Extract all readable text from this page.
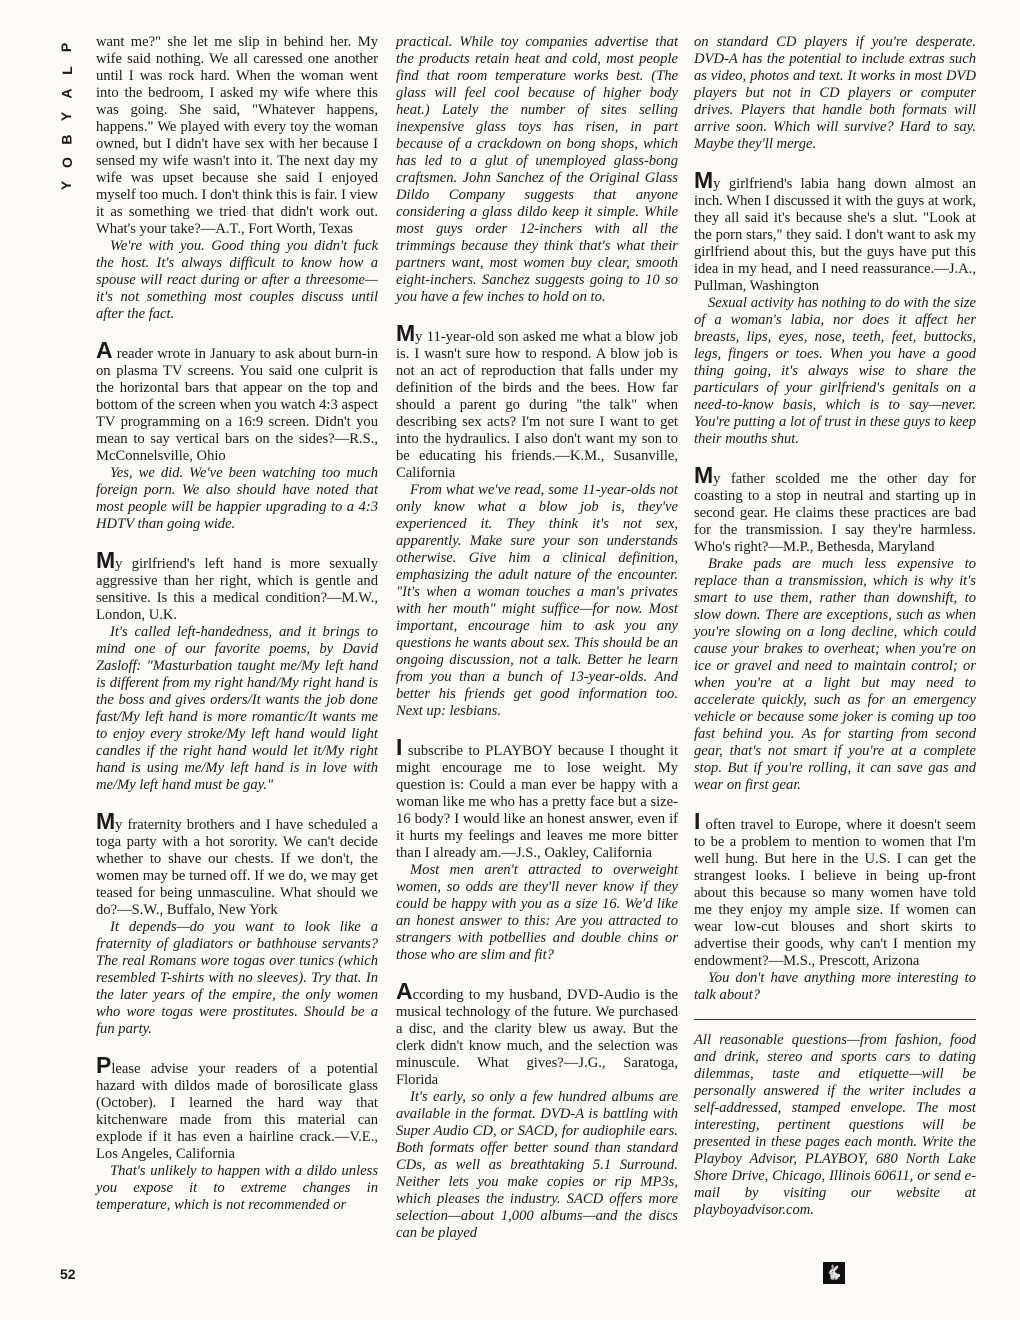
P
L
A
Y
B
O
Y
52

want me?" she let me slip in behind her. My wife said nothing. We all caressed one another until I was rock hard. When the woman went into the bedroom, I asked my wife where this was going. She said, "Whatever happens, happens." We played with every toy the woman owned, but I didn't have sex with her because I sensed my wife wasn't into it. The next day my wife was upset because she said I enjoyed myself too much. I don't think this is fair. I view it as something we tried that didn't work out. What's your take?—A.T., Fort Worth, Texas

We're with you. Good thing you didn't fuck the host. It's always difficult to know how a spouse will react during or after a threesome—it's not something most couples discuss until after the fact.

A reader wrote in January to ask about burn-in on plasma TV screens. You said one culprit is the horizontal bars that appear on the top and bottom of the screen when you watch 4:3 aspect TV programming on a 16:9 screen. Didn't you mean to say vertical bars on the sides?—R.S., McConnelsville, Ohio

Yes, we did. We've been watching too much foreign porn. We also should have noted that most people will be happier upgrading to a 4:3 HDTV than going wide.

My girlfriend's left hand is more sexually aggressive than her right, which is gentle and sensitive. Is this a medical condition?—M.W., London, U.K.

It's called left-handedness, and it brings to mind one of our favorite poems, by David Zasloff: "Masturbation taught me/My left hand is different from my right hand/My right hand is the boss and gives orders/It wants the job done fast/My left hand is more romantic/It wants me to enjoy every stroke/My left hand would light candles if the right hand would let it/My right hand is using me/My left hand is in love with me/My left hand must be gay."

My fraternity brothers and I have scheduled a toga party with a hot sorority. We can't decide whether to shave our chests. If we don't, the women may be turned off. If we do, we may get teased for being unmasculine. What should we do?—S.W., Buffalo, New York

It depends—do you want to look like a fraternity of gladiators or bathhouse servants? The real Romans wore togas over tunics (which resembled T-shirts with no sleeves). Try that. In the later years of the empire, the only women who wore togas were prostitutes. Should be a fun party.

Please advise your readers of a potential hazard with dildos made of borosilicate glass (October). I learned the hard way that kitchenware made from this material can explode if it has even a hairline crack.—V.E., Los Angeles, California

That's unlikely to happen with a dildo unless you expose it to extreme changes in temperature, which is not recommended or

practical. While toy companies advertise that the products retain heat and cold, most people find that room temperature works best. (The glass will feel cool because of higher body heat.) Lately the number of sites selling inexpensive glass toys has risen, in part because of a crackdown on bong shops, which has led to a glut of unemployed glass-bong craftsmen. John Sanchez of the Original Glass Dildo Company suggests that anyone considering a glass dildo keep it simple. While most guys order 12-inchers with all the trimmings because they think that's what their partners want, most women buy clear, smooth eight-inchers. Sanchez suggests going to 10 so you have a few inches to hold on to.

My 11-year-old son asked me what a blow job is. I wasn't sure how to respond. A blow job is not an act of reproduction that falls under my definition of the birds and the bees. How far should a parent go during "the talk" when describing sex acts? I'm not sure I want to get into the hydraulics. I also don't want my son to be educating his friends.—K.M., Susanville, California

From what we've read, some 11-year-olds not only know what a blow job is, they've experienced it. They think it's not sex, apparently. Make sure your son understands otherwise. Give him a clinical definition, emphasizing the adult nature of the encounter. "It's when a woman touches a man's privates with her mouth" might suffice—for now. Most important, encourage him to ask you any questions he wants about sex. This should be an ongoing discussion, not a talk. Better he learn from you than a bunch of 13-year-olds. And better his friends get good information too. Next up: lesbians.

I subscribe to PLAYBOY because I thought it might encourage me to lose weight. My question is: Could a man ever be happy with a woman like me who has a pretty face but a size-16 body? I would like an honest answer, even if it hurts my feelings and leaves me more bitter than I already am.—J.S., Oakley, California

Most men aren't attracted to overweight women, so odds are they'll never know if they could be happy with you as a size 16. We'd like an honest answer to this: Are you attracted to strangers with potbellies and double chins or those who are slim and fit?

According to my husband, DVD-Audio is the musical technology of the future. We purchased a disc, and the clarity blew us away. But the clerk didn't know much, and the selection was minuscule. What gives?—J.G., Saratoga, Florida

It's early, so only a few hundred albums are available in the format. DVD-A is battling with Super Audio CD, or SACD, for audiophile ears. Both formats offer better sound than standard CDs, as well as breathtaking 5.1 Surround. Neither lets you make copies or rip MP3s, which pleases the industry. SACD offers more selection—about 1,000 albums—and the discs can be played

on standard CD players if you're desperate. DVD-A has the potential to include extras such as video, photos and text. It works in most DVD players but not in CD players or computer drives. Players that handle both formats will arrive soon. Which will survive? Hard to say. Maybe they'll merge.

My girlfriend's labia hang down almost an inch. When I discussed it with the guys at work, they all said it's because she's a slut. "Look at the porn stars," they said. I don't want to ask my girlfriend about this, but the guys have put this idea in my head, and I need reassurance.—J.A., Pullman, Washington

Sexual activity has nothing to do with the size of a woman's labia, nor does it affect her breasts, lips, eyes, nose, teeth, feet, buttocks, legs, fingers or toes. When you have a good thing going, it's always wise to share the particulars of your girlfriend's genitals on a need-to-know basis, which is to say—never. You're putting a lot of trust in these guys to keep their mouths shut.

My father scolded me the other day for coasting to a stop in neutral and starting up in second gear. He claims these practices are bad for the transmission. I say they're harmless. Who's right?—M.P., Bethesda, Maryland

Brake pads are much less expensive to replace than a transmission, which is why it's smart to use them, rather than downshift, to slow down. There are exceptions, such as when you're slowing on a long decline, which could cause your brakes to overheat; when you're on ice or gravel and need to maintain control; or when you're at a light but may need to accelerate quickly, such as for an emergency vehicle or because some joker is coming up too fast behind you. As for starting from second gear, that's not smart if you're at a complete stop. But if you're rolling, it can save gas and wear on first gear.

I often travel to Europe, where it doesn't seem to be a problem to mention to women that I'm well hung. But here in the U.S. I can get the strangest looks. I believe in being up-front about this because so many women have told me they enjoy my ample size. If women can wear low-cut blouses and short skirts to advertise their goods, why can't I mention my endowment?—M.S., Prescott, Arizona

You don't have anything more interesting to talk about?

All reasonable questions—from fashion, food and drink, stereo and sports cars to dating dilemmas, taste and etiquette—will be personally answered if the writer includes a self-addressed, stamped envelope. The most interesting, pertinent questions will be presented in these pages each month. Write the Playboy Advisor, PLAYBOY, 680 North Lake Shore Drive, Chicago, Illinois 60611, or send e-mail by visiting our website at playboyadvisor.com.

🐇
